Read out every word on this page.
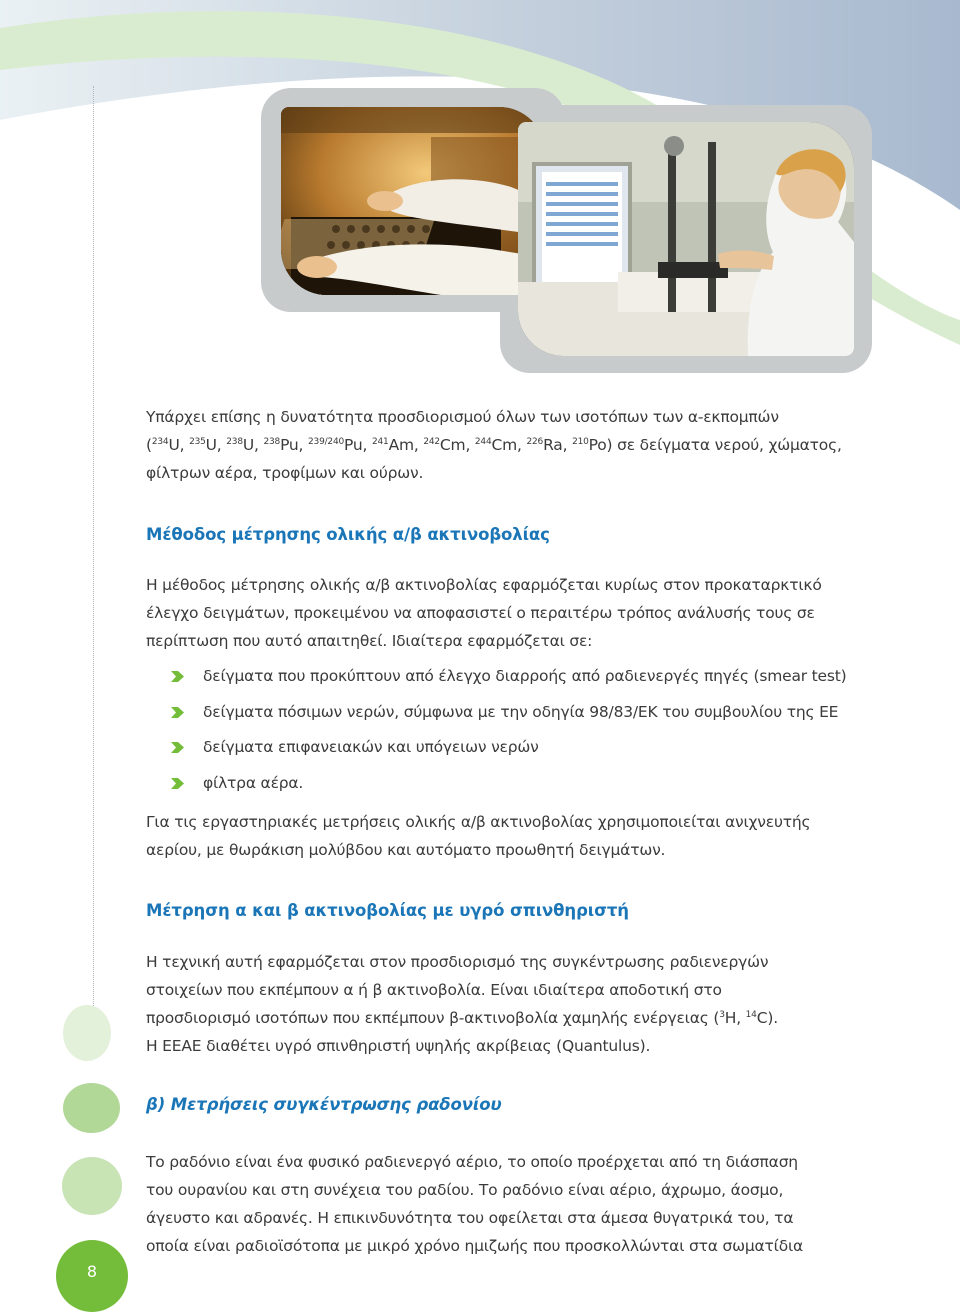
8

Υπάρχει επίσης η δυνατότητα προσδιορισμού όλων των ισοτόπων των α-εκπομπών

($^{234}$U, $^{235}$U, $^{238}$U, $^{238}$Pu, $^{239/240}$Pu, $^{241}$Am, $^{242}$Cm, $^{244}$Cm, $^{226}$Ra, $^{210}$Po) σε δείγματα νερού, χώματος,

φίλτρων αέρα, τροφίμων και ούρων.

Μέθοδος μέτρησης ολικής α/β ακτινοβολίας

Η μέθοδος μέτρησης ολικής α/β ακτινοβολίας εφαρμόζεται κυρίως στον προκαταρκτικό

έλεγχο δειγμάτων, προκειμένου να αποφασιστεί ο περαιτέρω τρόπος ανάλυσής τους σε

περίπτωση που αυτό απαιτηθεί. Ιδιαίτερα εφαρμόζεται σε:

δείγματα που προκύπτουν από έλεγχο διαρροής από ραδιενεργές πηγές (smear test)
δείγματα πόσιμων νερών, σύμφωνα με την οδηγία 98/83/ΕΚ του συμβουλίου της ΕΕ
δείγματα επιφανειακών και υπόγειων νερών
φίλτρα αέρα.

Για τις εργαστηριακές μετρήσεις ολικής α/β ακτινοβολίας χρησιμοποιείται ανιχνευτής

αερίου, με θωράκιση μολύβδου και αυτόματο προωθητή δειγμάτων.

Μέτρηση α και β ακτινοβολίας με υγρό σπινθηριστή

Η τεχνική αυτή εφαρμόζεται στον προσδιορισμό της συγκέντρωσης ραδιενεργών

στοιχείων που εκπέμπουν α ή β ακτινοβολία. Είναι ιδιαίτερα αποδοτική στο

προσδιορισμό ισοτόπων που εκπέμπουν β-ακτινοβολία χαμηλής ενέργειας ($^3$H, $^{14}$C).

Η ΕΕΑΕ διαθέτει υγρό σπινθηριστή υψηλής ακρίβειας (Quantulus).

β) Μετρήσεις συγκέντρωσης ραδονίου

Το ραδόνιο είναι ένα φυσικό ραδιενεργό αέριο, το οποίο προέρχεται από τη διάσπαση

του ουρανίου και στη συνέχεια του ραδίου. Το ραδόνιο είναι αέριο, άχρωμο, άοσμο,

άγευστο και αδρανές. Η επικινδυνότητα του οφείλεται στα άμεσα θυγατρικά του, τα

οποία είναι ραδιοϊσότοπα με μικρό χρόνο ημιζωής που προσκολλώνται στα σωματίδια
